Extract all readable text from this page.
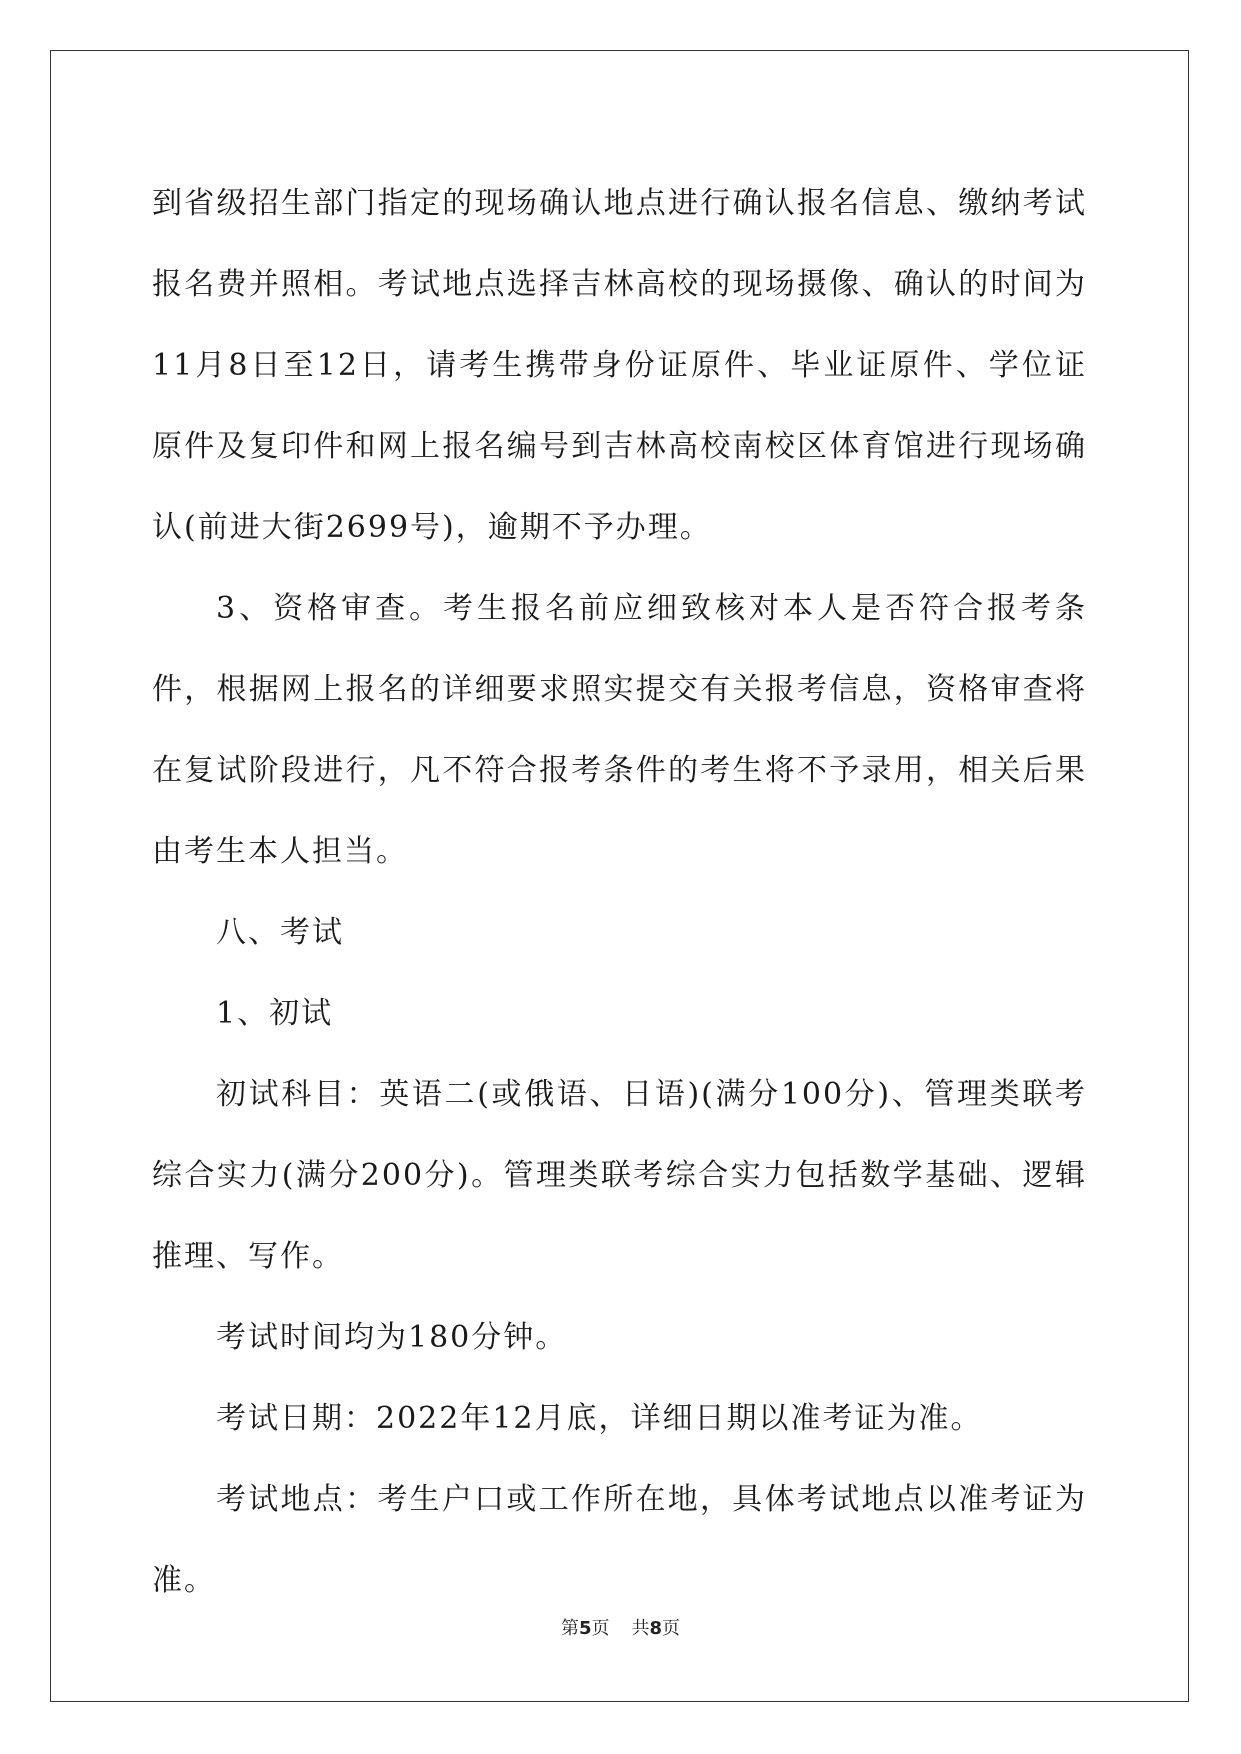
到省级招生部门指定的现场确认地点进行确认报名信息、缴纳考试报名费并照相。考试地点选择吉林高校的现场摄像、确认的时间为11月8日至12日，请考生携带身份证原件、毕业证原件、学位证原件及复印件和网上报名编号到吉林高校南校区体育馆进行现场确认(前进大街2699号)，逾期不予办理。

3、资格审查。考生报名前应细致核对本人是否符合报考条件，根据网上报名的详细要求照实提交有关报考信息，资格审查将在复试阶段进行，凡不符合报考条件的考生将不予录用，相关后果由考生本人担当。

八、考试

1、初试

初试科目：英语二(或俄语、日语)(满分100分)、管理类联考综合实力(满分200分)。管理类联考综合实力包括数学基础、逻辑推理、写作。

考试时间均为180分钟。

考试日期：2022年12月底，详细日期以准考证为准。

考试地点：考生户口或工作所在地，具体考试地点以准考证为准。

第5页 共8页
